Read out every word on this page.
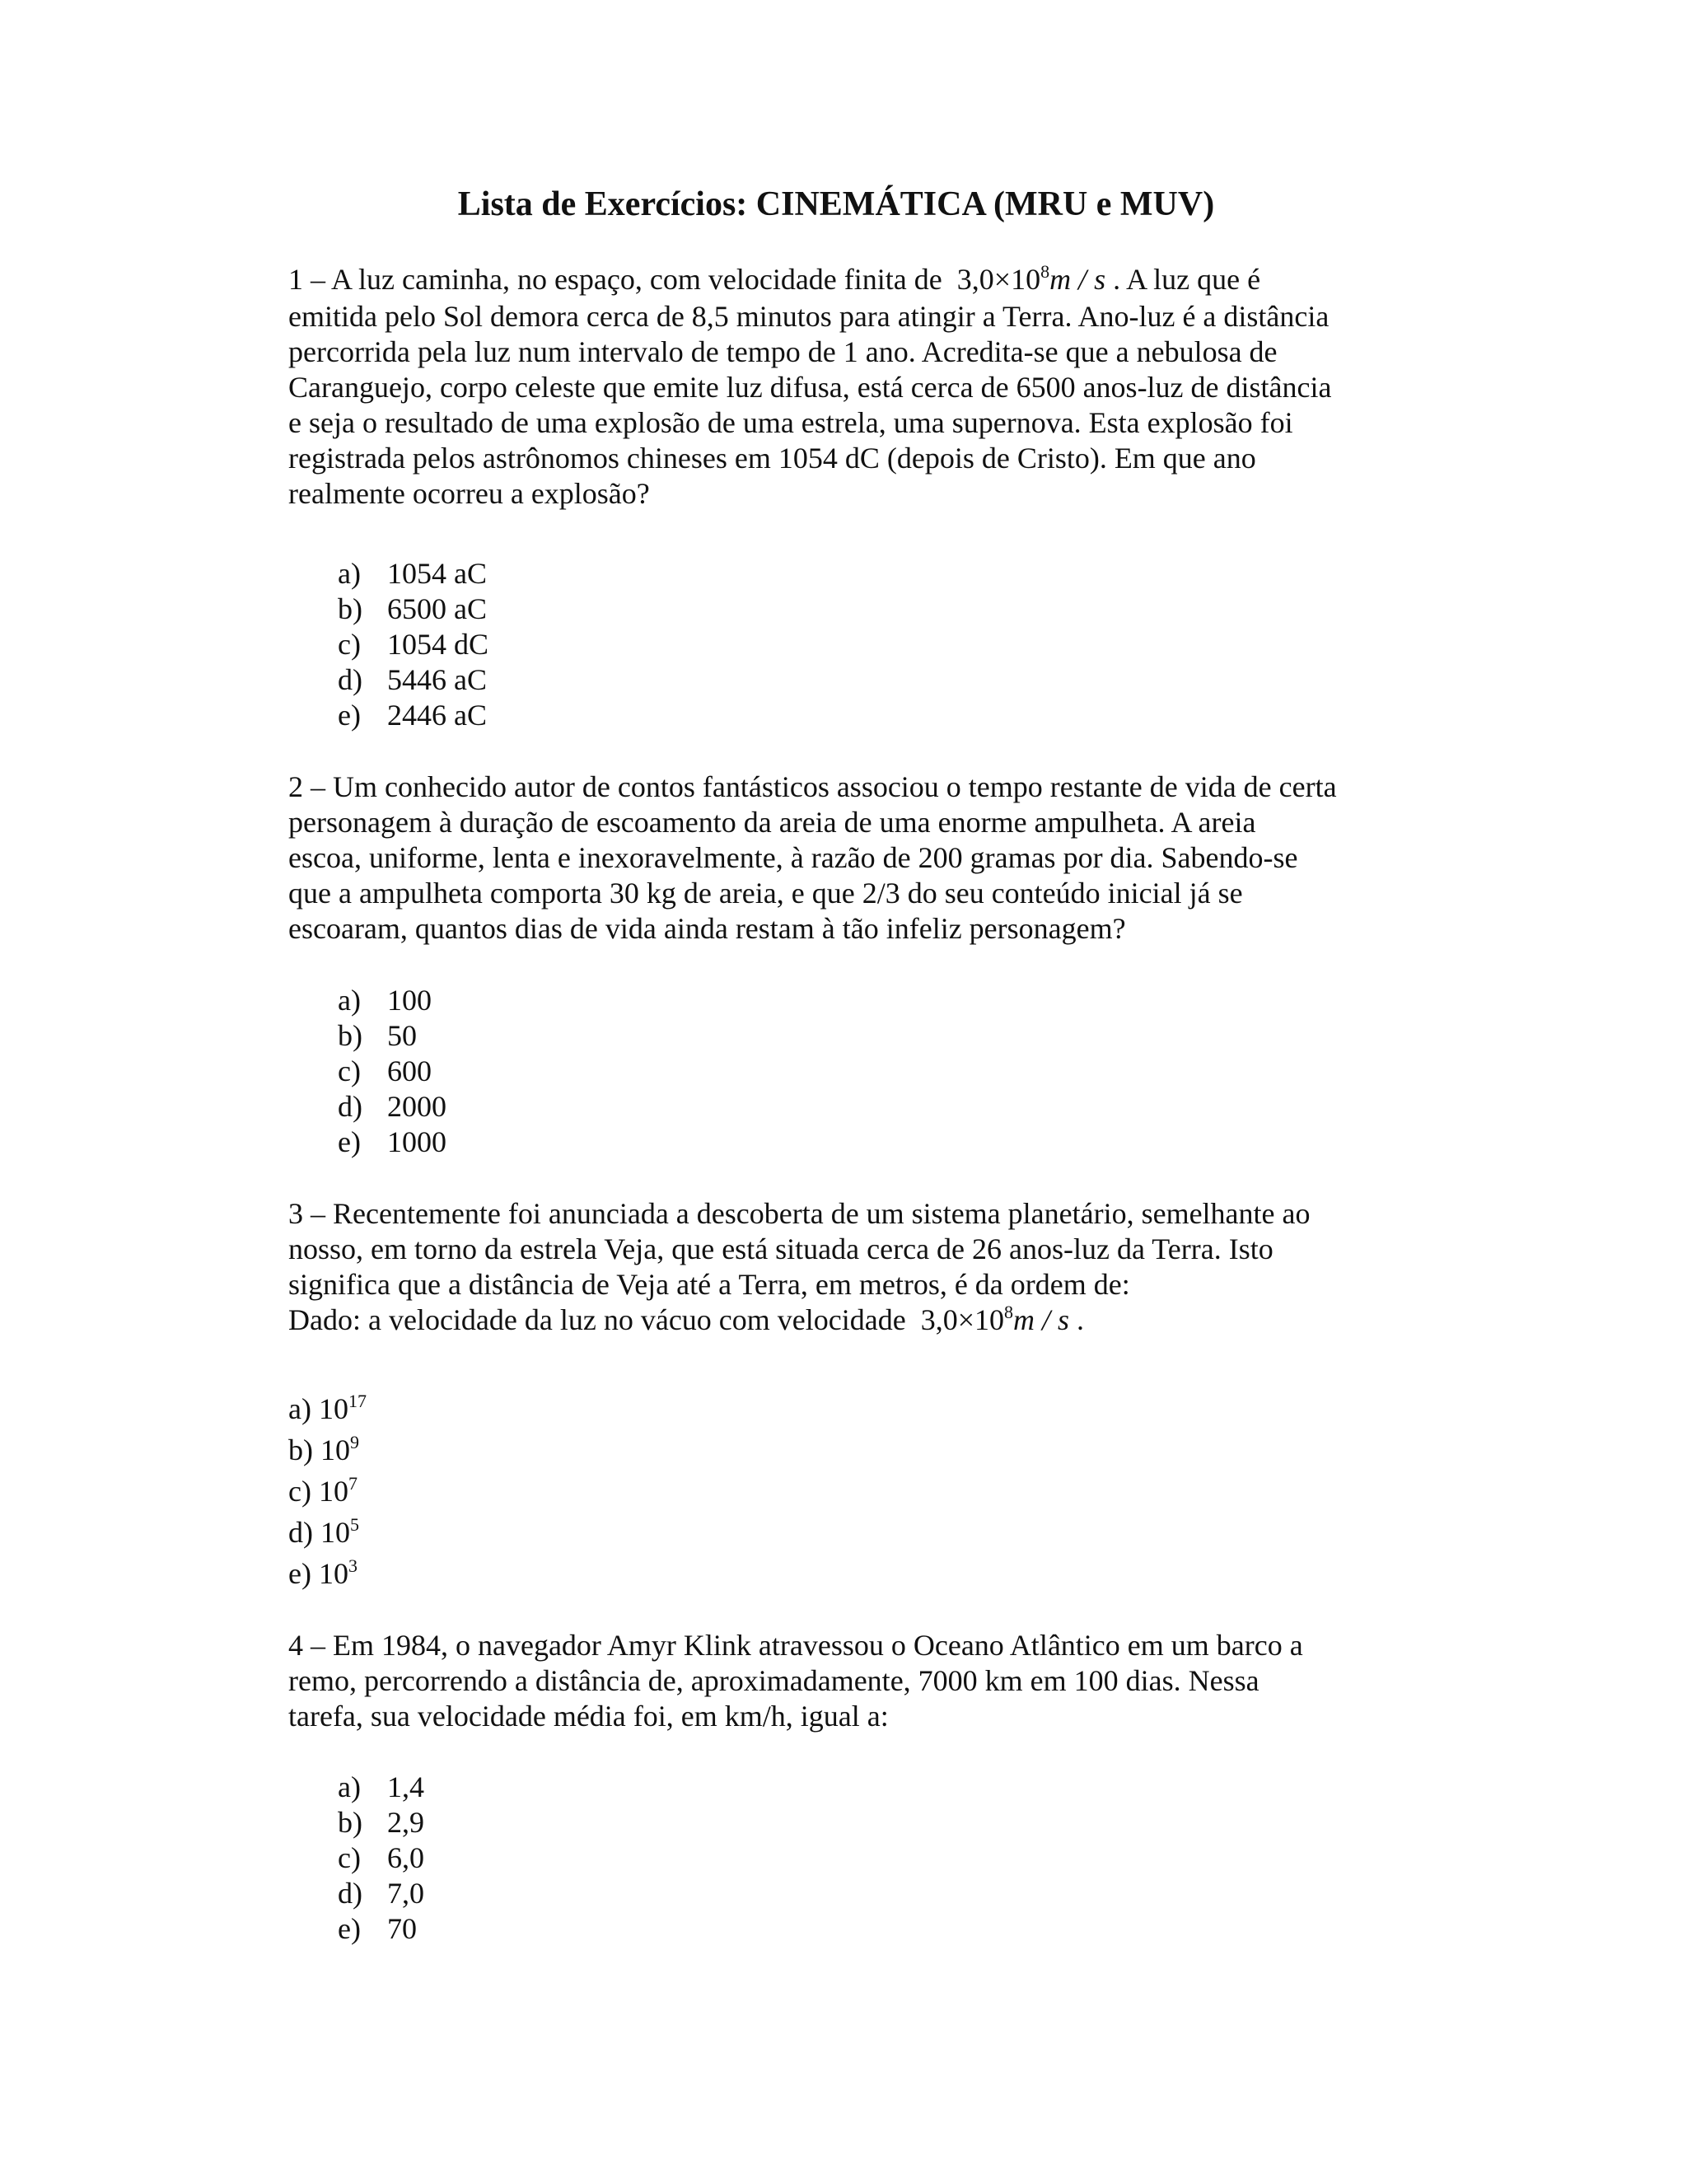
Lista de Exercícios: CINEMÁTICA (MRU e MUV)
1 – A luz caminha, no espaço, com velocidade finita de $3,0\times 10^8m / s$ . A luz que é
emitida pelo Sol demora cerca de 8,5 minutos para atingir a Terra. Ano-luz é a distância
percorrida pela luz num intervalo de tempo de 1 ano. Acredita-se que a nebulosa de
Caranguejo, corpo celeste que emite luz difusa, está cerca de 6500 anos-luz de distância
e seja o resultado de uma explosão de uma estrela, uma supernova. Esta explosão foi
registrada pelos astrônomos chineses em 1054 dC (depois de Cristo). Em que ano
realmente ocorreu a explosão?
a) 1054 aC
b) 6500 aC
c) 1054 dC
d) 5446 aC
e) 2446 aC
2 – Um conhecido autor de contos fantásticos associou o tempo restante de vida de certa
personagem à duração de escoamento da areia de uma enorme ampulheta. A areia
escoa, uniforme, lenta e inexoravelmente, à razão de 200 gramas por dia. Sabendo-se
que a ampulheta comporta 30 kg de areia, e que 2/3 do seu conteúdo inicial já se
escoaram, quantos dias de vida ainda restam à tão infeliz personagem?
a) 100
b) 50
c) 600
d) 2000
e) 1000
3 – Recentemente foi anunciada a descoberta de um sistema planetário, semelhante ao
nosso, em torno da estrela Veja, que está situada cerca de 26 anos-luz da Terra. Isto
significa que a distância de Veja até a Terra, em metros, é da ordem de:
Dado: a velocidade da luz no vácuo com velocidade $3,0\times 10^8m / s$ .
a) $10^{17}$
b) $10^9$
c) $10^7$
d) $10^5$
e) $10^3$
4 – Em 1984, o navegador Amyr Klink atravessou o Oceano Atlântico em um barco a
remo, percorrendo a distância de, aproximadamente, 7000 km em 100 dias. Nessa
tarefa, sua velocidade média foi, em km/h, igual a:
a) 1,4
b) 2,9
c) 6,0
d) 7,0
e) 70
